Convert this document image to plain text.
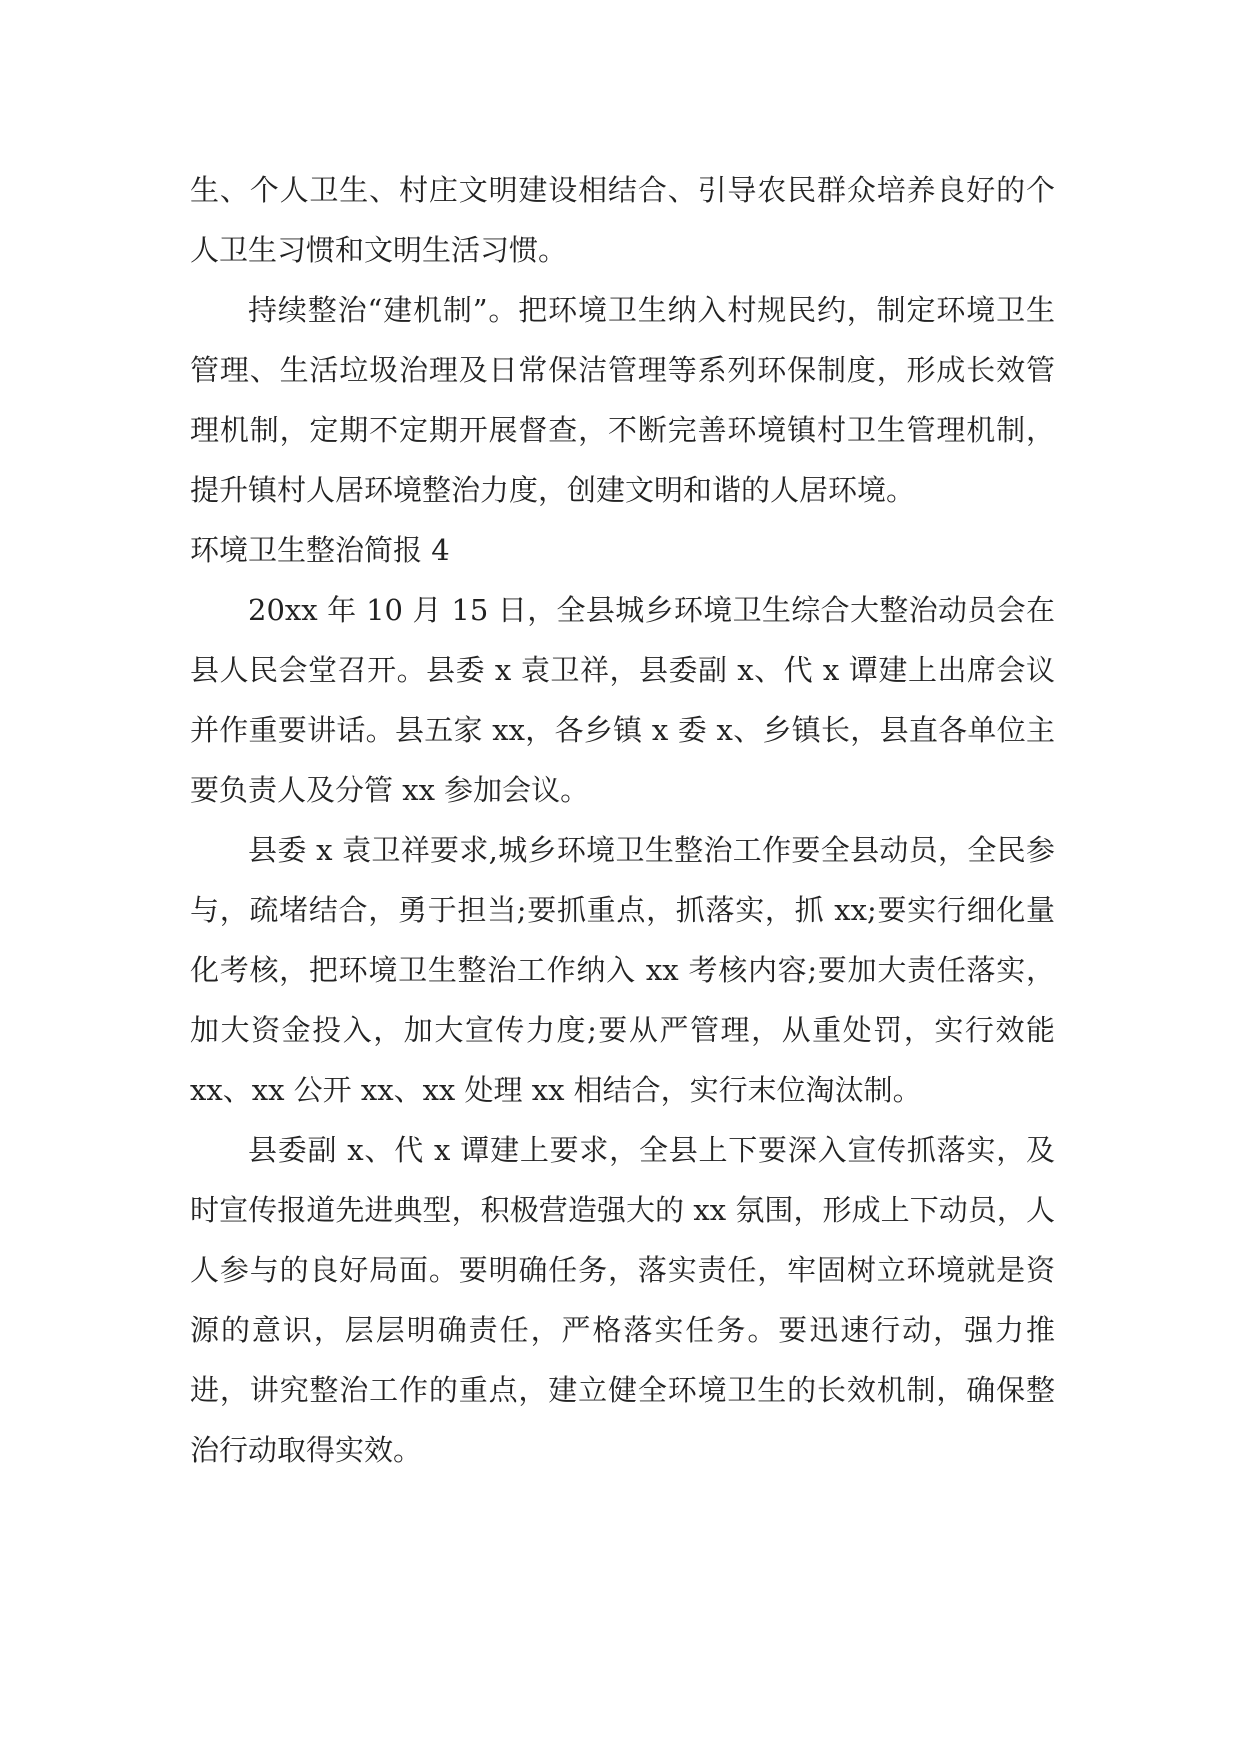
生、个人卫生、村庄文明建设相结合、引导农民群众培养良好的个人卫生习惯和文明生活习惯。

持续整治“建机制”。把环境卫生纳入村规民约，制定环境卫生管理、生活垃圾治理及日常保洁管理等系列环保制度，形成长效管理机制，定期不定期开展督查，不断完善环境镇村卫生管理机制，提升镇村人居环境整治力度，创建文明和谐的人居环境。

环境卫生整治简报 4

20xx 年 10 月 15 日，全县城乡环境卫生综合大整治动员会在县人民会堂召开。县委 x 袁卫祥，县委副 x、代 x 谭建上出席会议并作重要讲话。县五家 xx，各乡镇 x 委 x、乡镇长，县直各单位主要负责人及分管 xx 参加会议。

县委 x 袁卫祥要求,城乡环境卫生整治工作要全县动员，全民参与，疏堵结合，勇于担当;要抓重点，抓落实，抓 xx;要实行细化量化考核，把环境卫生整治工作纳入 xx 考核内容;要加大责任落实，加大资金投入，加大宣传力度;要从严管理，从重处罚，实行效能 xx、xx 公开 xx、xx 处理 xx 相结合，实行末位淘汰制。

县委副 x、代 x 谭建上要求，全县上下要深入宣传抓落实，及时宣传报道先进典型，积极营造强大的 xx 氛围，形成上下动员，人人参与的良好局面。要明确任务，落实责任，牢固树立环境就是资源的意识，层层明确责任，严格落实任务。要迅速行动，强力推进，讲究整治工作的重点，建立健全环境卫生的长效机制，确保整治行动取得实效。
